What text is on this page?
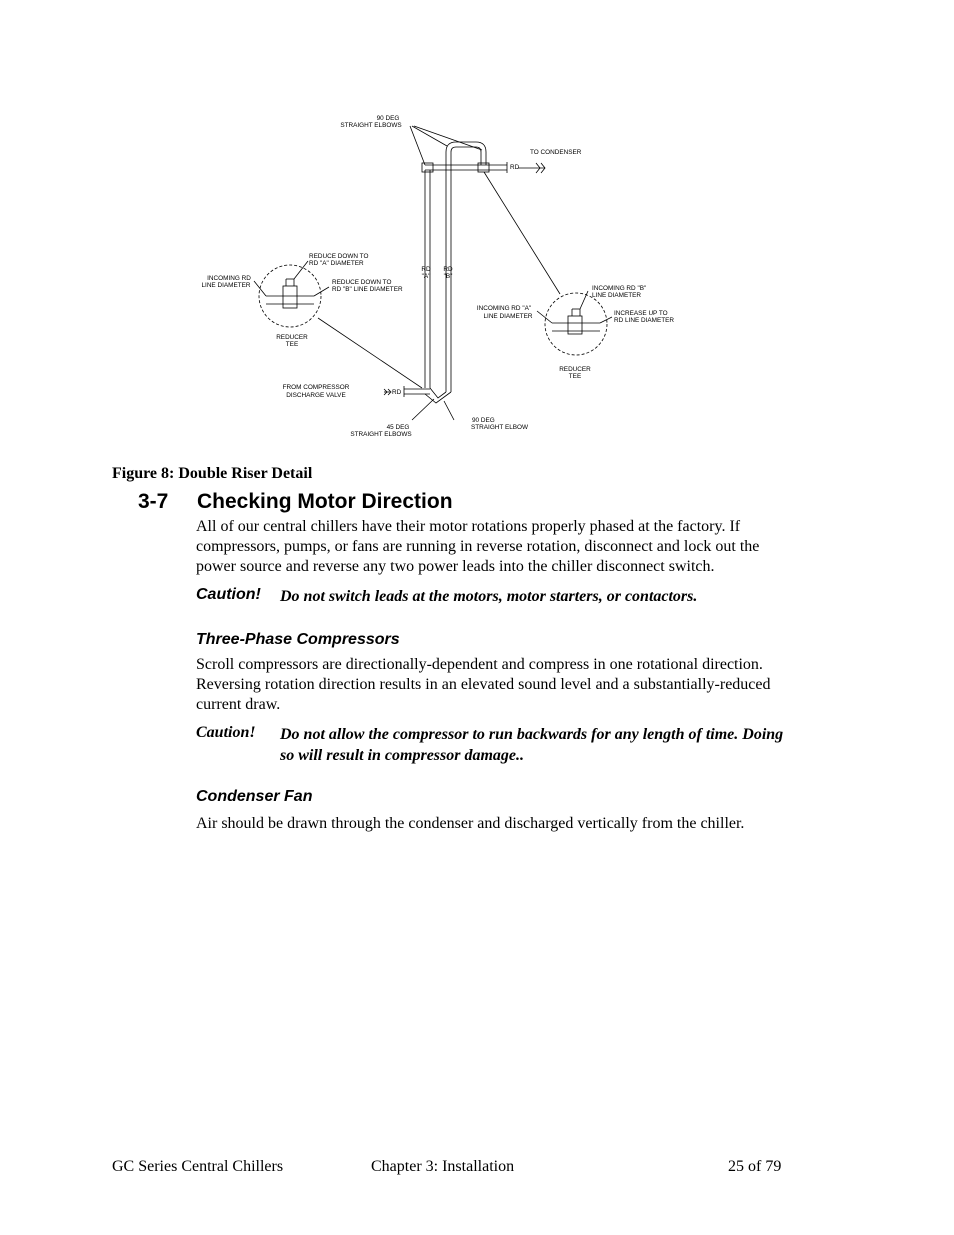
90 DEG
STRAIGHT ELBOWS
TO CONDENSER
RD
RD
"A"
RD
"B"
REDUCE DOWN TO
RD "A" DIAMETER
INCOMING RD
LINE DIAMETER	REDUCE DOWN TO
RD "B" LINE DIAMETER
REDUCER
TEE
INCOMING RD "B"
LINE DIAMETER
INCOMING RD "A"
LINE DIAMETER	INCREASE UP TO
RD LINE DIAMETER
REDUCER
TEE
FROM COMPRESSOR
DISCHARGE VALVE	RD
45 DEG
STRAIGHT ELBOWS
90 DEG
STRAIGHT ELBOW
Figure 8: Double Riser Detail
3-7 Checking Motor Direction
All of our central chillers have their motor rotations properly phased at the factory. If
compressors, pumps, or fans are running in reverse rotation, disconnect and lock out the
power source and reverse any two power leads into the chiller disconnect switch.
Caution! Do not switch leads at the motors, motor starters, or contactors.
Three-Phase Compressors
Scroll compressors are directionally-dependent and compress in one rotational direction.
Reversing rotation direction results in an elevated sound level and a substantially-reduced
current draw.
Caution! Do not allow the compressor to run backwards for any length of time. Doing
so will result in compressor damage..
Condenser Fan
Air should be drawn through the condenser and discharged vertically from the chiller.
GC Series Central Chillers	Chapter 3: Installation	25 of 79
